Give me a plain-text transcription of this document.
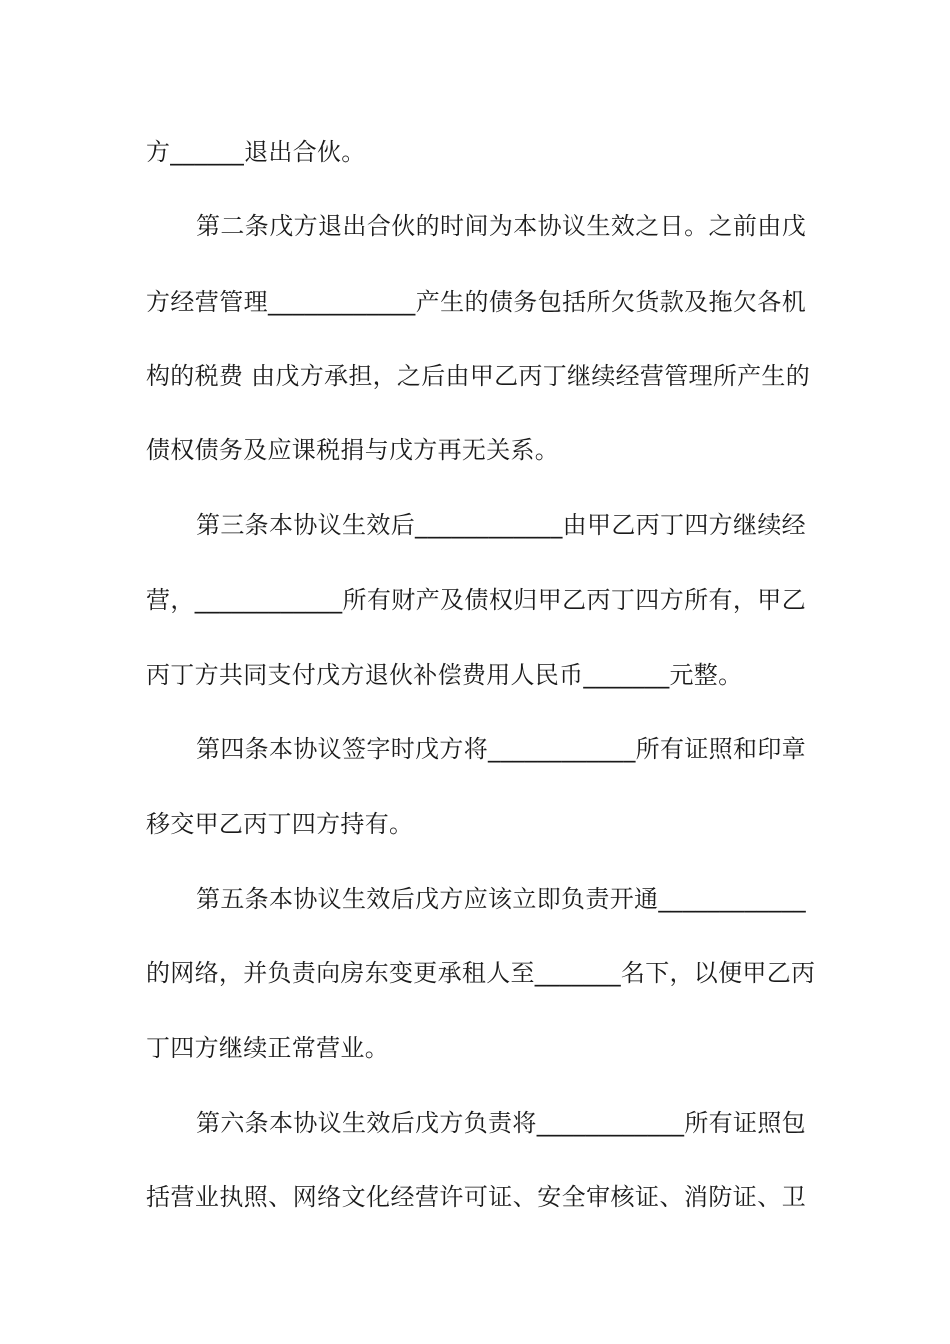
方______退出合伙。
第二条戊方退出合伙的时间为本协议生效之日。之前由戊
方经营管理____________产生的债务包括所欠货款及拖欠各机
构的税费 由戊方承担，之后由甲乙丙丁继续经营管理所产生的
债权债务及应课税捐与戊方再无关系。
第三条本协议生效后____________由甲乙丙丁四方继续经
营，____________所有财产及债权归甲乙丙丁四方所有，甲乙
丙丁方共同支付戊方退伙补偿费用人民币_______元整。
第四条本协议签字时戊方将____________所有证照和印章
移交甲乙丙丁四方持有。
第五条本协议生效后戊方应该立即负责开通____________
的网络，并负责向房东变更承租人至_______名下，以便甲乙丙
丁四方继续正常营业。
第六条本协议生效后戊方负责将____________所有证照包
括营业执照、网络文化经营许可证、安全审核证、消防证、卫
